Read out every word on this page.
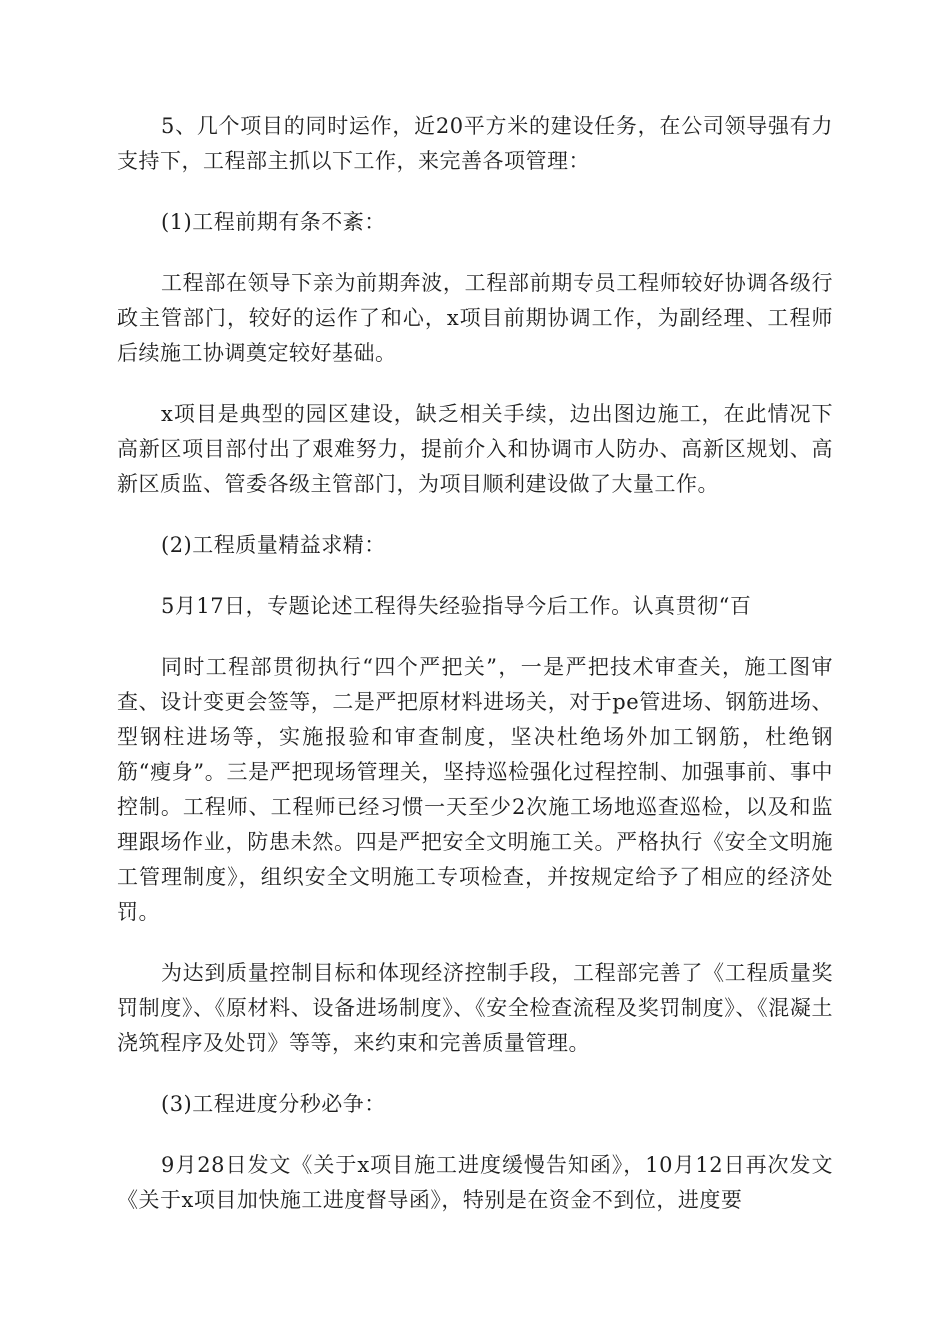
5、几个项目的同时运作，近20平方米的建设任务，在公司领导强有力支持下，工程部主抓以下工作，来完善各项管理：

(1)工程前期有条不紊：

工程部在领导下亲为前期奔波，工程部前期专员工程师较好协调各级行政主管部门，较好的运作了和心，x项目前期协调工作，为副经理、工程师后续施工协调奠定较好基础。

x项目是典型的园区建设，缺乏相关手续，边出图边施工，在此情况下高新区项目部付出了艰难努力，提前介入和协调市人防办、高新区规划、高新区质监、管委各级主管部门，为项目顺利建设做了大量工作。

(2)工程质量精益求精：

5月17日，专题论述工程得失经验指导今后工作。认真贯彻“百

同时工程部贯彻执行“四个严把关”，一是严把技术审查关，施工图审查、设计变更会签等，二是严把原材料进场关，对于pe管进场、钢筋进场、型钢柱进场等，实施报验和审查制度，坚决杜绝场外加工钢筋，杜绝钢筋“瘦身”。三是严把现场管理关，坚持巡检强化过程控制、加强事前、事中控制。工程师、工程师已经习惯一天至少2次施工场地巡查巡检，以及和监理跟场作业，防患未然。四是严把安全文明施工关。严格执行《安全文明施工管理制度》，组织安全文明施工专项检查，并按规定给予了相应的经济处罚。

为达到质量控制目标和体现经济控制手段，工程部完善了《工程质量奖罚制度》、《原材料、设备进场制度》、《安全检查流程及奖罚制度》、《混凝土浇筑程序及处罚》等等，来约束和完善质量管理。

(3)工程进度分秒必争：

9月28日发文《关于x项目施工进度缓慢告知函》，10月12日再次发文《关于x项目加快施工进度督导函》，特别是在资金不到位，进度要
